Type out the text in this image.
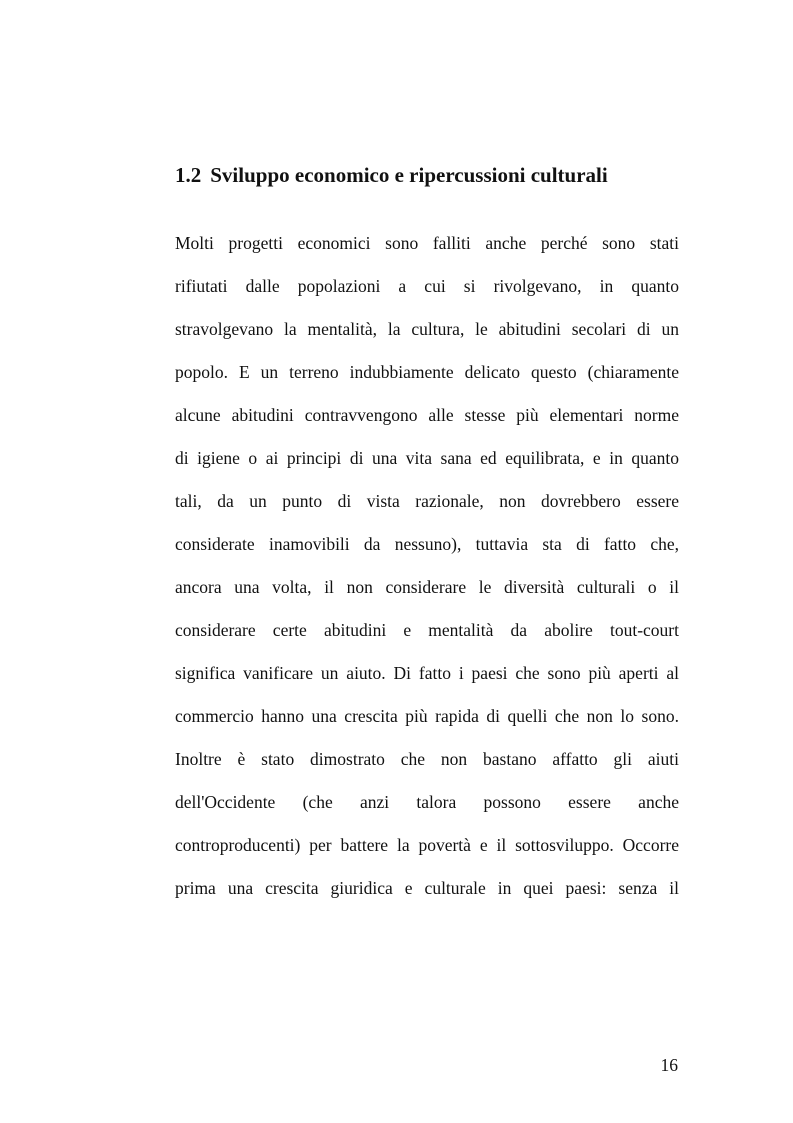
1.2 Sviluppo economico e ripercussioni culturali
Molti progetti economici sono falliti anche perché sono stati
rifiutati dalle popolazioni a cui si rivolgevano, in quanto
stravolgevano la mentalità, la cultura, le abitudini secolari di un
popolo. E un terreno indubbiamente delicato questo (chiaramente
alcune abitudini contravvengono alle stesse più elementari norme
di igiene o ai principi di una vita sana ed equilibrata, e in quanto
tali, da un punto di vista razionale, non dovrebbero essere
considerate inamovibili da nessuno), tuttavia sta di fatto che,
ancora una volta, il non considerare le diversità culturali o il
considerare certe abitudini e mentalità da abolire tout-court
significa vanificare un aiuto. Di fatto i paesi che sono più aperti al
commercio hanno una crescita più rapida di quelli che non lo sono.
Inoltre è stato dimostrato che non bastano affatto gli aiuti
dell'Occidente (che anzi talora possono essere anche
controproducenti) per battere la povertà e il sottosviluppo. Occorre
prima una crescita giuridica e culturale in quei paesi: senza il
16
